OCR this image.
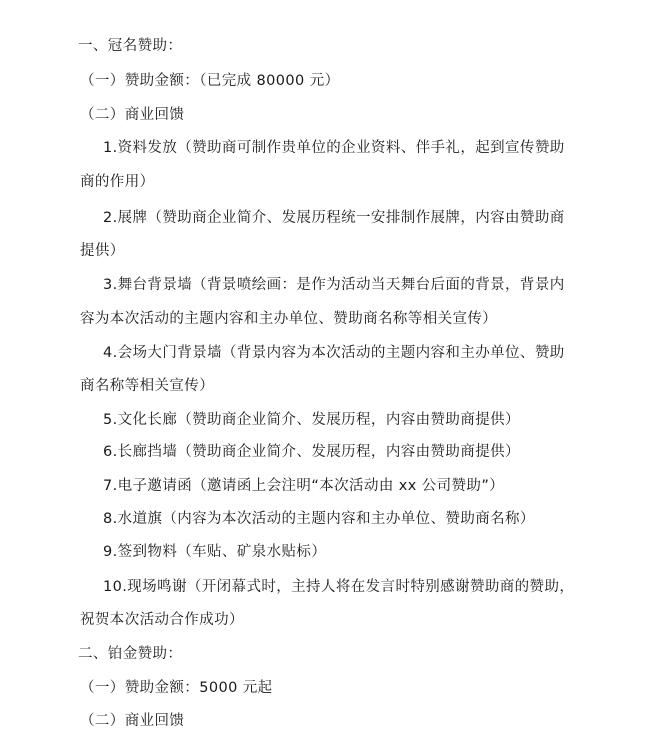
一、冠名赞助：
（一）赞助金额：（已完成 80000 元）
（二）商业回馈
1.资料发放（赞助商可制作贵单位的企业资料、伴手礼，起到宣传赞助
商的作用）
2.展牌（赞助商企业简介、发展历程统一安排制作展牌，内容由赞助商
提供）
3.舞台背景墙（背景喷绘画：是作为活动当天舞台后面的背景，背景内
容为本次活动的主题内容和主办单位、赞助商名称等相关宣传）
4.会场大门背景墙（背景内容为本次活动的主题内容和主办单位、赞助
商名称等相关宣传）
5.文化长廊（赞助商企业简介、发展历程，内容由赞助商提供）
6.长廊挡墙（赞助商企业简介、发展历程，内容由赞助商提供）
7.电子邀请函（邀请函上会注明“本次活动由 xx 公司赞助”）
8.水道旗（内容为本次活动的主题内容和主办单位、赞助商名称）
9.签到物料（车贴、矿泉水贴标）
10.现场鸣谢（开闭幕式时，主持人将在发言时特别感谢赞助商的赞助，
祝贺本次活动合作成功）
二、铂金赞助：
（一）赞助金额：5000 元起
（二）商业回馈
